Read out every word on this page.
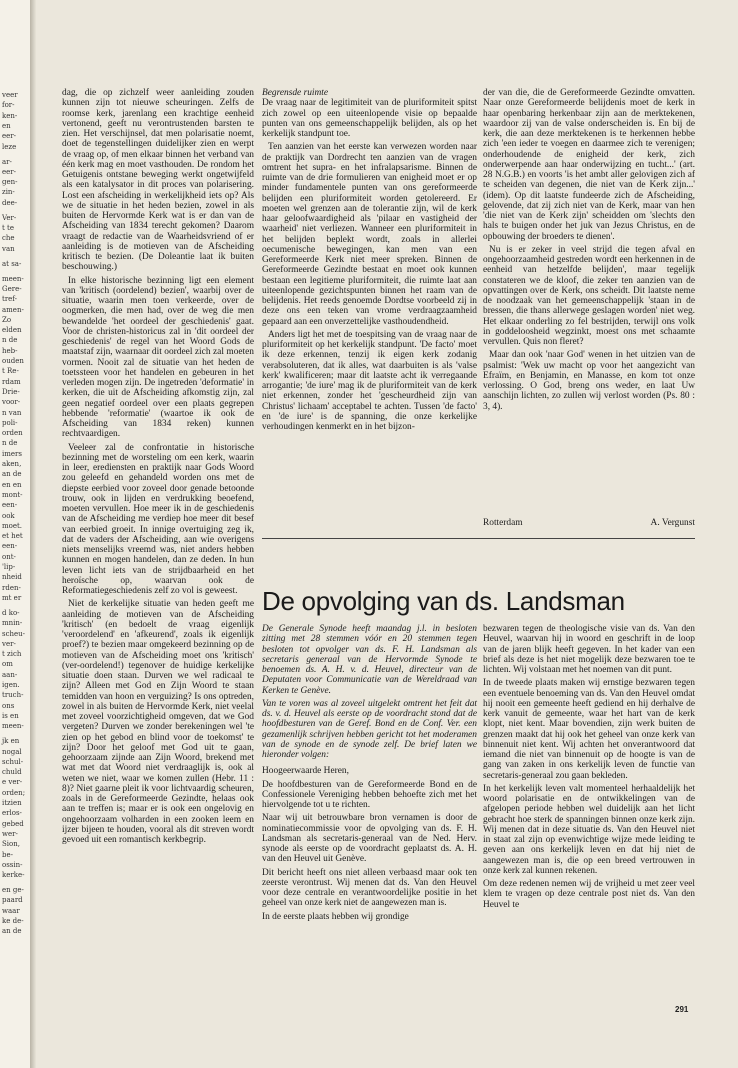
veer
for-
ken-
en
eer-
leze
ar-
eer-
gen-
zin-
dee-
Ver-
t te
che
van
at sa-
meen-
Gere-
tref-
amen-
Zo
elden
n de
heb-
ouden
t Re-
rdam
Drie-
voor-
n van
poli-
orden
n de
imers
aken,
an de
en en
mont-
een-
ook
moet.
et het
een-
ont-
'lip-
nheid
rden-
mt er
d ko-
mnin-
scheu-
ver-
t zich
om
aan-
igen.
truch-
ons
is en
meen-
jk en
nogal
schul-
chuld
e ver-
orden;
itzien
erlos-
gebed
wer-
Sion,
be-
ossin-
kerke-
en ge-
paard
waar
ke de-
an de

dag, die op zichzelf weer aanleiding zouden kunnen zijn tot nieuwe scheuringen. Zelfs de roomse kerk, jarenlang een krachtige eenheid vertonend, geeft nu verontrustenden barsten te zien. Het verschijnsel, dat men polarisatie noemt, doet de tegenstellingen duidelijker zien en werpt de vraag op, of men elkaar binnen het verband van één kerk mag en moet vasthouden. De rondom het Getuigenis ontstane beweging werkt ongetwijfeld als een katalysator in dit proces van polarisering. Lost een afscheiding in werkelijkheid iets op? Als we de situatie in het heden bezien, zowel in als buiten de Hervormde Kerk wat is er dan van de Afscheiding van 1834 terecht gekomen? Daarom vraagt de redactie van de Waarheidsvriend of er aanleiding is de motieven van de Afscheiding kritisch te bezien. (De Doleantie laat ik buiten beschouwing.)

In elke historische bezinning ligt een element van 'kritisch (oordelend) bezien', waarbij over de situatie, waarin men toen verkeerde, over de oogmerken, die men had, over de weg die men bewandelde 'het oordeel der geschiedenis' gaat. Voor de christen-historicus zal in 'dit oordeel der geschiedenis' de regel van het Woord Gods de maatstaf zijn, waarnaar dit oordeel zich zal moeten vormen. Nooit zal de situatie van het heden de toetssteen voor het handelen en gebeuren in het verleden mogen zijn. De ingetreden 'deformatie' in kerken, die uit de Afscheiding afkomstig zijn, zal geen negatief oordeel over een plaats gegrepen hebbende 'reformatie' (waartoe ik ook de Afscheiding van 1834 reken) kunnen rechtvaardigen.

Veeleer zal de confrontatie in historische bezinning met de worsteling om een kerk, waarin in leer, erediensten en praktijk naar Gods Woord zou geleefd en gehandeld worden ons met de diepste eerbied voor zoveel door genade betoonde trouw, ook in lijden en verdrukking beoefend, moeten vervullen. Hoe meer ik in de geschiedenis van de Afscheiding me verdiep hoe meer dit besef van eerbied groeit. In innige overtuiging zeg ik, dat de vaders der Afscheiding, aan wie overigens niets menselijks vreemd was, niet anders hebben kunnen en mogen handelen, dan ze deden. In hun leven licht iets van de strijdbaarheid en het heroïsche op, waarvan ook de Reformatiegeschiedenis zelf zo vol is geweest.

Niet de kerkelijke situatie van heden geeft me aanleiding de motieven van de Afscheiding 'kritisch' (en bedoelt de vraag eigenlijk 'veroordelend' en 'afkeurend', zoals ik eigenlijk proef?) te bezien maar omgekeerd bezinning op de motieven van de Afscheiding moet ons 'kritisch' (ver-oordelend!) tegenover de huidige kerkelijke situatie doen staan. Durven we wel radicaal te zijn? Alleen met God en Zijn Woord te staan temidden van hoon en verguizing? Is ons optreden, zowel in als buiten de Hervormde Kerk, niet veelal met zoveel voorzichtigheid omgeven, dat we God vergeten? Durven we zonder berekeningen wel 'te zien op het gebod en blind voor de toekomst' te zijn? Door het geloof met God uit te gaan, gehoorzaam zijnde aan Zijn Woord, brekend met wat met dat Woord niet verdraaglijk is, ook al weten we niet, waar we komen zullen (Hebr. 11 : 8)? Niet gaarne pleit ik voor lichtvaardig scheuren, zoals in de Gereformeerde Gezindte, helaas ook aan te treffen is; maar er is ook een ongelovig en ongehoorzaam volharden in een zooken leem en ijzer bijeen te houden, vooral als dit streven wordt gevoed uit een romantisch kerkbegrip.

Begrensde ruimte

De vraag naar de legitimiteit van de pluriformiteit spitst zich zowel op een uiteenlopende visie op bepaalde punten van ons gemeenschappelijk belijden, als op het kerkelijk standpunt toe.

Ten aanzien van het eerste kan verwezen worden naar de praktijk van Dordrecht ten aanzien van de vragen omtrent het supra- en het infralapsarisme. Binnen de ruimte van de drie formulieren van enigheid moet er op minder fundamentele punten van ons gereformeerde belijden een pluriformiteit worden getolereerd. Er moeten wel grenzen aan de tolerantie zijn, wil de kerk haar geloofwaardigheid als 'pilaar en vastigheid der waarheid' niet verliezen. Wanneer een pluriformiteit in het belijden beplekt wordt, zoals in allerlei oecumenische bewegingen, kan men van een Gereformeerde Kerk niet meer spreken. Binnen de Gereformeerde Gezindte bestaat en moet ook kunnen bestaan een legitieme pluriformiteit, die ruimte laat aan uiteenlopende gezichtspunten binnen het raam van de belijdenis. Het reeds genoemde Dordtse voorbeeld zij in deze ons een teken van vrome verdraagzaamheid gepaard aan een onverzettelijke vasthoudendheid.

Anders ligt het met de toespitsing van de vraag naar de pluriformiteit op het kerkelijk standpunt. 'De facto' moet ik deze erkennen, tenzij ik eigen kerk zodanig verabsoluteren, dat ik alles, wat daarbuiten is als 'valse kerk' kwalificeren; maar dit laatste acht ik verregaande arrogantie; 'de iure' mag ik de pluriformiteit van de kerk niet erkennen, zonder het 'gescheurdheid zijn van Christus' lichaam' acceptabel te achten. Tussen 'de facto' en 'de iure' is de spanning, die onze kerkelijke verhoudingen kenmerkt en in het bijzon-

der van die, die de Gereformeerde Gezindte omvatten. Naar onze Gereformeerde belijdenis moet de kerk in haar openbaring herkenbaar zijn aan de merktekenen, waardoor zij van de valse onderscheiden is. En bij de kerk, die aan deze merktekenen is te herkennen hebbe zich 'een ieder te voegen en daarmee zich te verenigen; onderhoudende de enigheid der kerk, zich onderwerpende aan haar onderwijzing en tucht...' (art. 28 N.G.B.) en voorts 'is het ambt aller gelovigen zich af te scheiden van degenen, die niet van de Kerk zijn...' (idem). Op dit laatste fundeerde zich de Afscheiding, gelovende, dat zij zich niet van de Kerk, maar van hen 'die niet van de Kerk zijn' scheidden om 'slechts den hals te buigen onder het juk van Jezus Christus, en de opbouwing der broeders te dienen'.

Nu is er zeker in veel strijd die tegen afval en ongehoorzaamheid gestreden wordt een herkennen in de eenheid van hetzelfde belijden', maar tegelijk constateren we de kloof, die zeker ten aanzien van de opvattingen over de Kerk, ons scheidt. Dit laatste neme de noodzaak van het gemeenschappelijk 'staan in de bressen, die thans allerwege geslagen worden' niet weg. Het elkaar onderling zo fel bestrijden, terwijl ons volk in goddeloosheid wegzinkt, moest ons met schaamte vervullen. Quis non fleret?

Maar dan ook 'naar God' wenen in het uitzien van de psalmist: 'Wek uw macht op voor het aangezicht van Efraïm, en Benjamin, en Manasse, en kom tot onze verlossing. O God, breng ons weder, en laat Uw aanschijn lichten, zo zullen wij verlost worden (Ps. 80 : 3, 4).

Rotterdam	A. Vergunst
De opvolging van ds. Landsman

De Generale Synode heeft maandag j.l. in besloten zitting met 28 stemmen vóór en 20 stemmen tegen besloten tot opvolger van ds. F. H. Landsman als secretaris generaal van de Hervormde Synode te benoemen ds. A. H. v. d. Heuvel, directeur van de Deputaten voor Communicatie van de Wereldraad van Kerken te Genève.

Van te voren was al zoveel uitgelekt omtrent het feit dat ds. v. d. Heuvel als eerste op de voordracht stond dat de hoofdbesturen van de Geref. Bond en de Conf. Ver. een gezamenlijk schrijven hebben gericht tot het moderamen van de synode en de synode zelf. De brief laten we hieronder volgen:

Hoogeerwaarde Heren,

De hoofdbesturen van de Gereformeerde Bond en de Confessionele Vereniging hebben behoefte zich met het hiervolgende tot u te richten.

Naar wij uit betrouwbare bron vernamen is door de nominatiecommissie voor de opvolging van ds. F. H. Landsman als secretaris-generaal van de Ned. Herv. synode als eerste op de voordracht geplaatst ds. A. H. van den Heuvel uit Genève.

Dit bericht heeft ons niet alleen verbaasd maar ook ten zeerste verontrust. Wij menen dat ds. Van den Heuvel voor deze centrale en verantwoordelijke positie in het geheel van onze kerk niet de aangewezen man is.

In de eerste plaats hebben wij grondige

bezwaren tegen de theologische visie van ds. Van den Heuvel, waarvan hij in woord en geschrift in de loop van de jaren blijk heeft gegeven. In het kader van een brief als deze is het niet mogelijk deze bezwaren toe te lichten. Wij volstaan met het noemen van dit punt.

In de tweede plaats maken wij ernstige bezwaren tegen een eventuele benoeming van ds. Van den Heuvel omdat hij nooit een gemeente heeft gediend en hij derhalve de kerk vanuit de gemeente, waar het hart van de kerk klopt, niet kent. Maar bovendien, zijn werk buiten de grenzen maakt dat hij ook het geheel van onze kerk van binnenuit niet kent. Wij achten het onverantwoord dat iemand die niet van binnenuit op de hoogte is van de gang van zaken in ons kerkelijk leven de functie van secretaris-generaal zou gaan bekleden.

In het kerkelijk leven valt momenteel herhaaldelijk het woord polarisatie en de ontwikkelingen van de afgelopen periode hebben wel duidelijk aan het licht gebracht hoe sterk de spanningen binnen onze kerk zijn. Wij menen dat in deze situatie ds. Van den Heuvel niet in staat zal zijn op evenwichtige wijze mede leiding te geven aan ons kerkelijk leven en dat hij niet de aangewezen man is, die op een breed vertrouwen in onze kerk zal kunnen rekenen.

Om deze redenen nemen wij de vrijheid u met zeer veel klem te vragen op deze centrale post niet ds. Van den Heuvel te

291
